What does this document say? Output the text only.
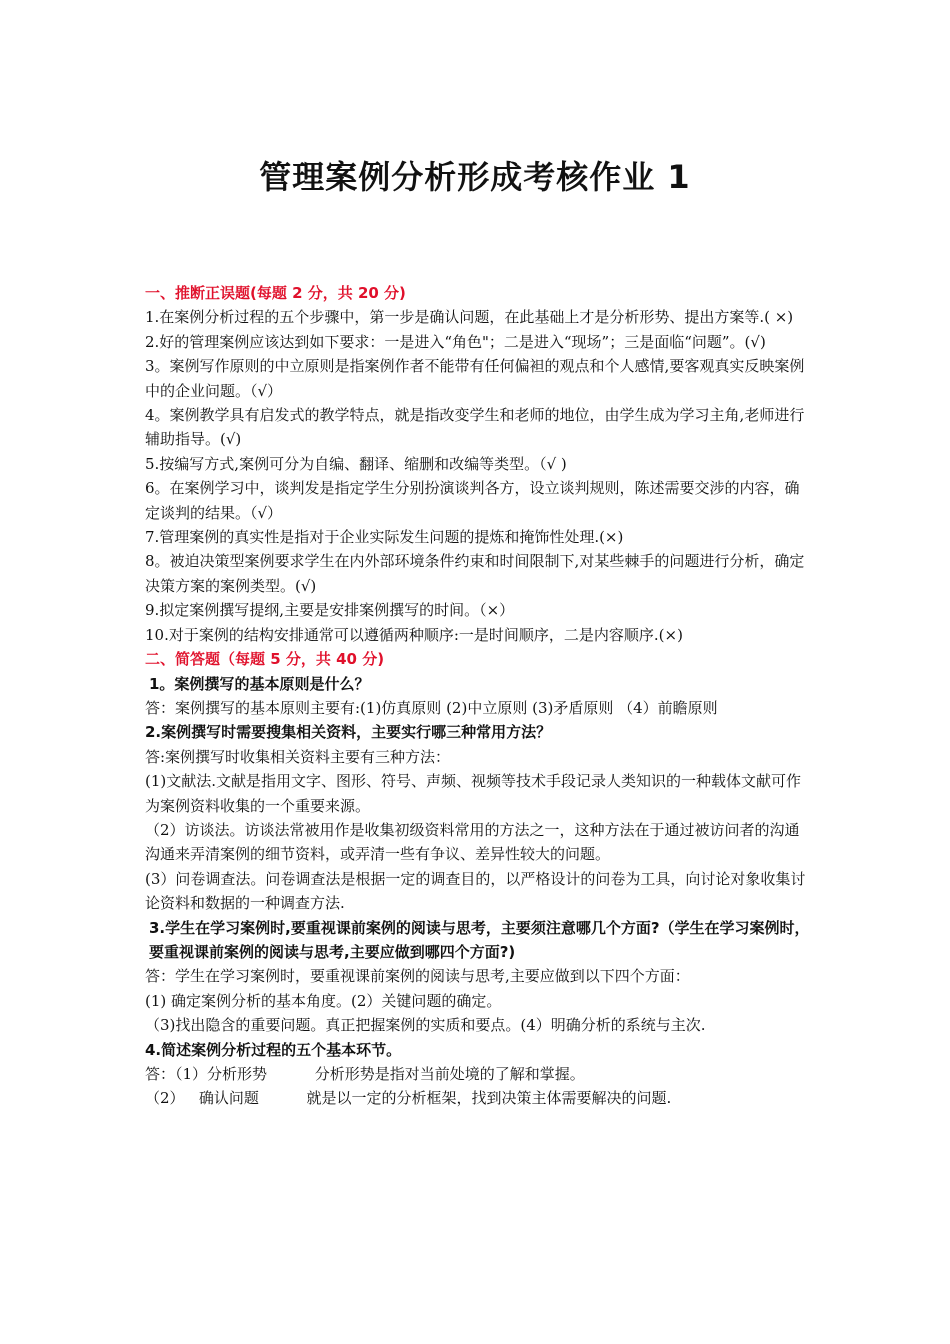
管理案例分析形成考核作业 1

一、推断正误题(每题 2 分，共 20 分)

1.在案例分析过程的五个步骤中，第一步是确认问题，在此基础上才是分析形势、提出方案等.( ×)

2.好的管理案例应该达到如下要求：一是进入“角色"；二是进入“现场”；三是面临“问题”。(√)

3。案例写作原则的中立原则是指案例作者不能带有任何偏袒的观点和个人感情,要客观真实反映案例中的企业问题。（√）

4。案例教学具有启发式的教学特点，就是指改变学生和老师的地位，由学生成为学习主角,老师进行辅助指导。(√)

5.按编写方式,案例可分为自编、翻译、缩删和改编等类型。（√ )

6。在案例学习中，谈判发是指定学生分别扮演谈判各方，设立谈判规则，陈述需要交涉的内容，确定谈判的结果。（√）

7.管理案例的真实性是指对于企业实际发生问题的提炼和掩饰性处理.(×)

8。被迫决策型案例要求学生在内外部环境条件约束和时间限制下,对某些棘手的问题进行分析，确定决策方案的案例类型。(√)

9.拟定案例撰写提纲,主要是安排案例撰写的时间。（×）

10.对于案例的结构安排通常可以遵循两种顺序:一是时间顺序，二是内容顺序.(×)

二、简答题（每题 5 分，共 40 分)

1。案例撰写的基本原则是什么？

答：案例撰写的基本原则主要有:(1)仿真原则 (2)中立原则 (3)矛盾原则 （4）前瞻原则

2.案例撰写时需要搜集相关资料，主要实行哪三种常用方法？

答:案例撰写时收集相关资料主要有三种方法：

(1)文献法.文献是指用文字、图形、符号、声频、视频等技术手段记录人类知识的一种载体文献可作为案例资料收集的一个重要来源。

（2）访谈法。访谈法常被用作是收集初级资料常用的方法之一，这种方法在于通过被访问者的沟通沟通来弄清案例的细节资料，或弄清一些有争议、差异性较大的问题。

(3）问卷调查法。问卷调查法是根据一定的调查目的，以严格设计的问卷为工具，向讨论对象收集讨论资料和数据的一种调查方法.

3.学生在学习案例时,要重视课前案例的阅读与思考，主要须注意哪几个方面?（学生在学习案例时，要重视课前案例的阅读与思考,主要应做到哪四个方面?)

答：学生在学习案例时，要重视课前案例的阅读与思考,主要应做到以下四个方面：

(1) 确定案例分析的基本角度。(2）关键问题的确定。

（3)找出隐含的重要问题。真正把握案例的实质和要点。(4）明确分析的系统与主次.

4.简述案例分析过程的五个基本环节。

答：（1）分析形势          分析形势是指对当前处境的了解和掌握。

（2）   确认问题          就是以一定的分析框架，找到决策主体需要解决的问题.
